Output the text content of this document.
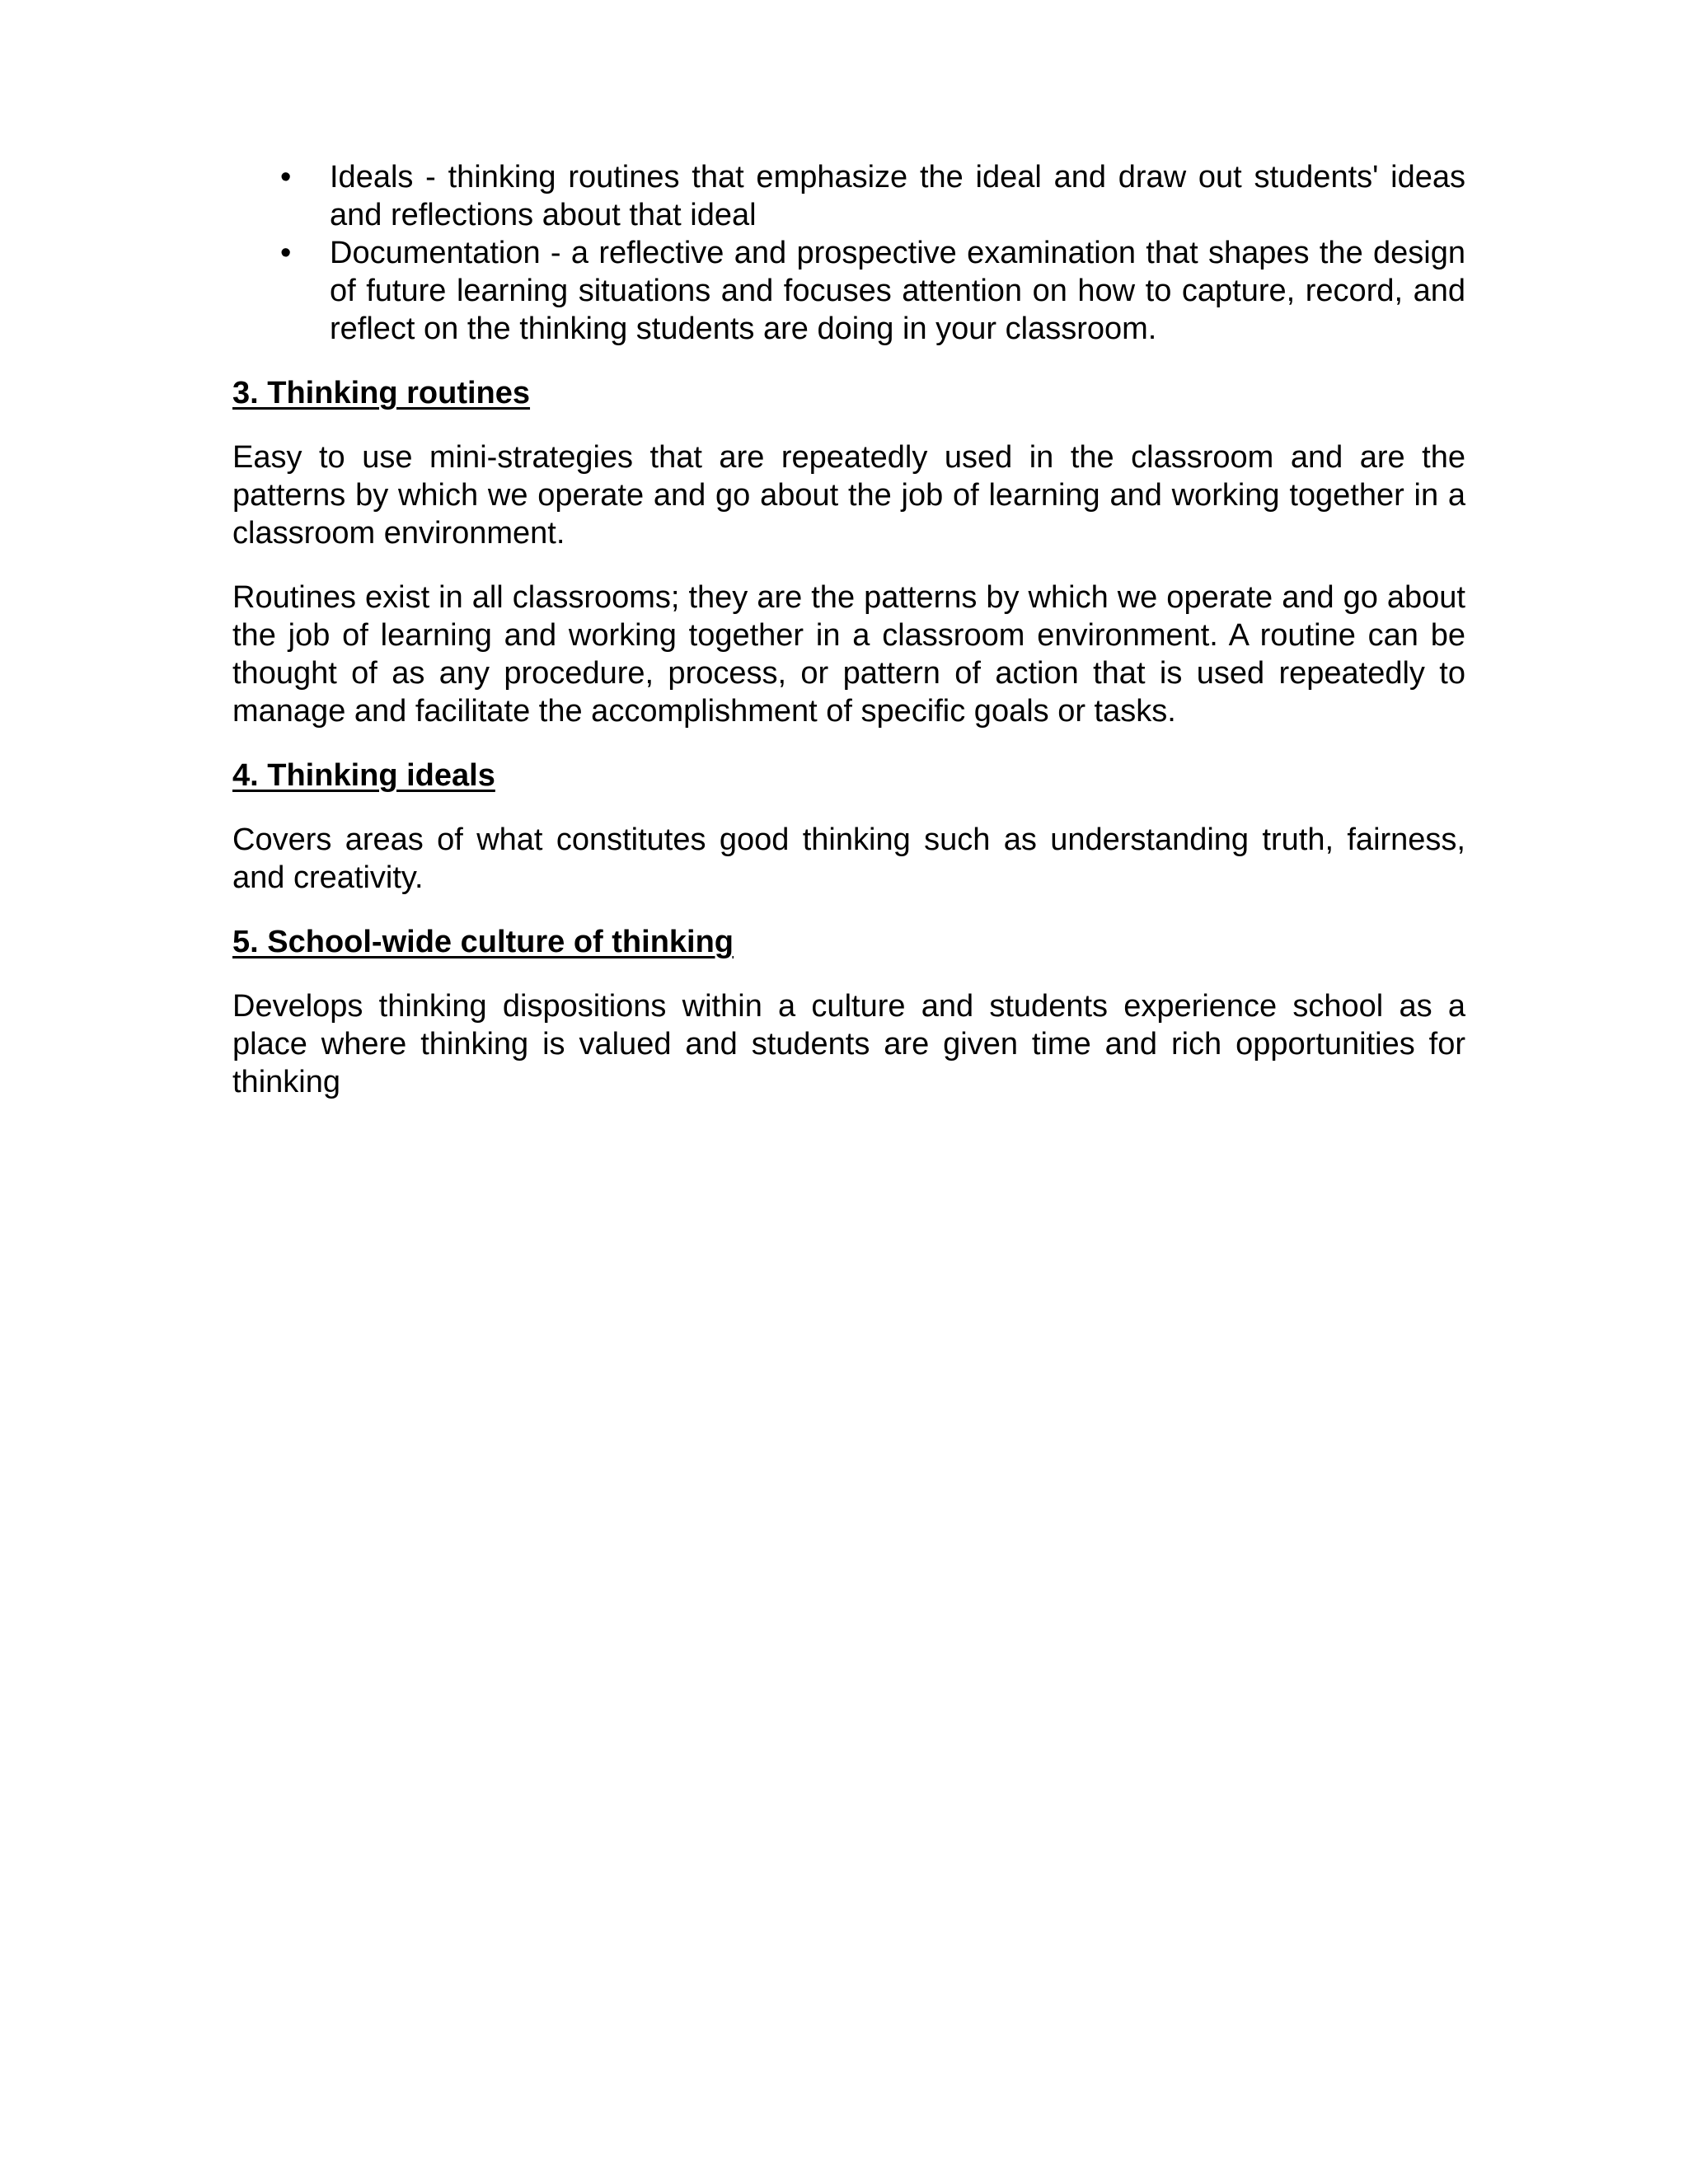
• Ideals - thinking routines that emphasize the ideal and draw out students' ideas and reflections about that ideal
• Documentation - a reflective and prospective examination that shapes the design of future learning situations and focuses attention on how to capture, record, and reflect on the thinking students are doing in your classroom.
3. Thinking routines

Easy to use mini-strategies that are repeatedly used in the classroom and are the patterns by which we operate and go about the job of learning and working together in a classroom environment.

Routines exist in all classrooms; they are the patterns by which we operate and go about the job of learning and working together in a classroom environment. A routine can be thought of as any procedure, process, or pattern of action that is used repeatedly to manage and facilitate the accomplishment of specific goals or tasks.

4. Thinking ideals

Covers areas of what constitutes good thinking such as understanding truth, fairness, and creativity.

5. School-wide culture of thinking

Develops thinking dispositions within a culture and students experience school as a place where thinking is valued and students are given time and rich opportunities for thinking
